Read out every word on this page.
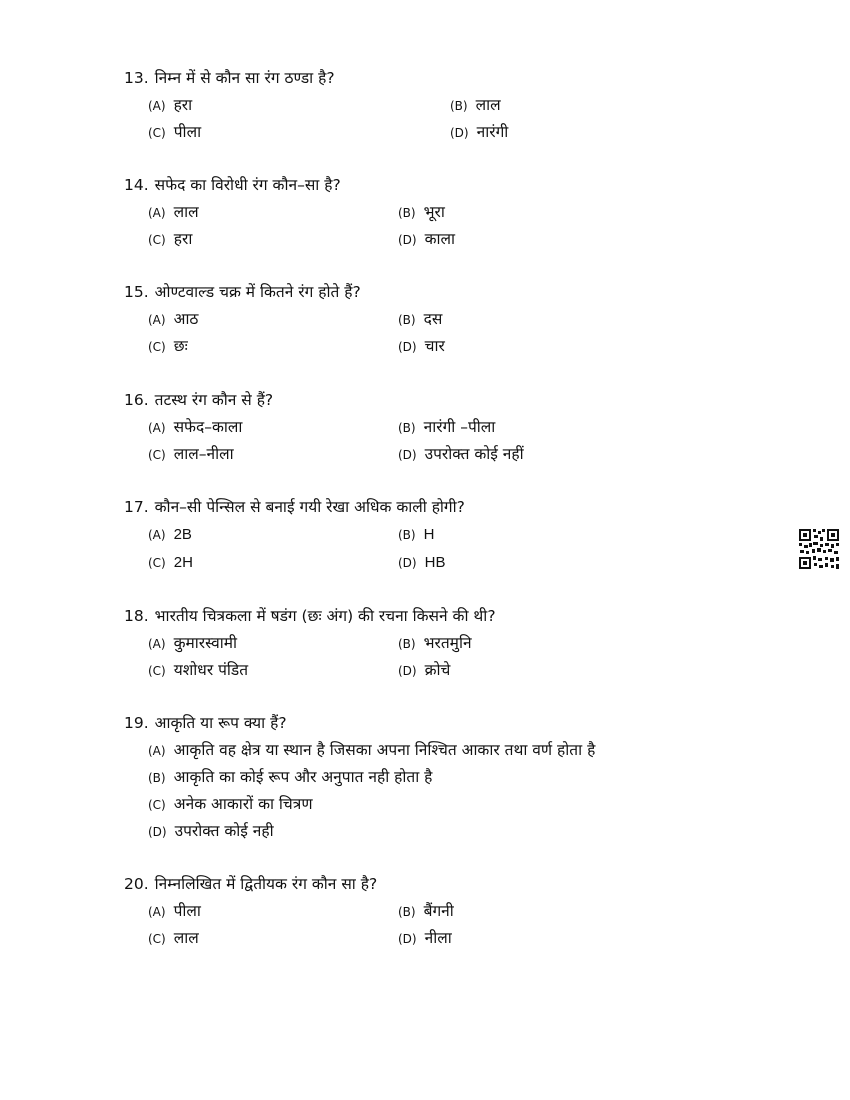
13. निम्न में से कौन सा रंग ठण्डा है?
(A) हरा	(B) लाल
(C) पीला	(D) नारंगी
14. सफेद का विरोधी रंग कौन–सा है?
(A) लाल	(B) भूरा
(C) हरा	(D) काला
15. ओण्टवाल्ड चक्र में कितने रंग होते हैं?
(A) आठ	(B) दस
(C) छः	(D) चार
16. तटस्थ रंग कौन से हैं?
(A) सफेद–काला	(B) नारंगी –पीला
(C) लाल–नीला	(D) उपरोक्त कोई नहीं
17. कौन–सी पेन्सिल से बनाई गयी रेखा अधिक काली होगी?
(A) 2B	(B) H
(C) 2H	(D) HB
18. भारतीय चित्रकला में षडंग (छः अंग) की रचना किसने की थी?
(A) कुमारस्वामी	(B) भरतमुनि
(C) यशोधर पंडित	(D) क्रोचे
19. आकृति या रूप क्या हैं?
(A) आकृति वह क्षेत्र या स्थान है जिसका अपना निश्चित आकार तथा वर्ण होता है
(B) आकृति का कोई रूप और अनुपात नही होता है
(C) अनेक आकारों का चित्रण
(D) उपरोक्त कोई नही
20. निम्नलिखित में द्वितीयक रंग कौन सा है?
(A) पीला	(B) बैंगनी
(C) लाल	(D) नीला
